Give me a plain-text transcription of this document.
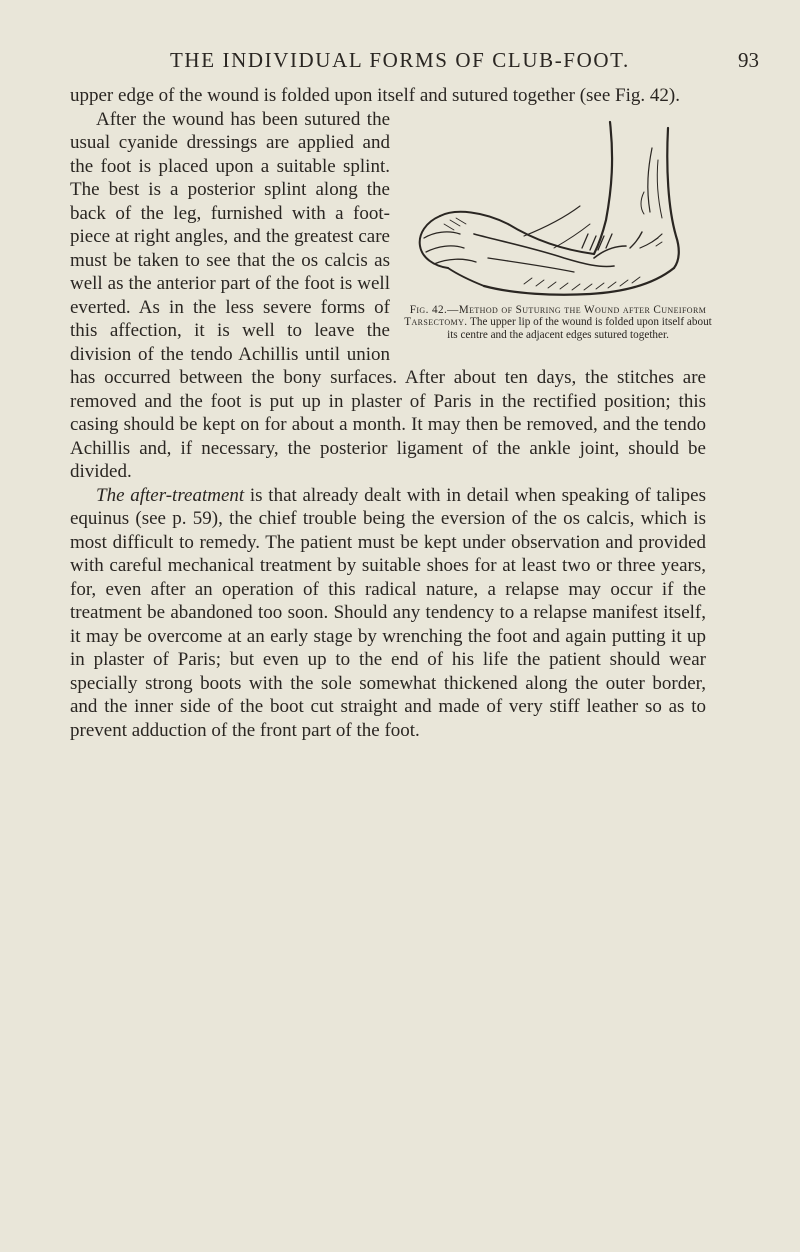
THE INDIVIDUAL FORMS OF CLUB-FOOT.	93

upper edge of the wound is folded upon itself and sutured together (see Fig. 42).

Fig. 42.—Method of Suturing the Wound after Cuneiform Tarsectomy. The upper lip of the wound is folded upon itself about its centre and the adjacent edges sutured together.

After the wound has been sutured the usual cyanide dressings are applied and the foot is placed upon a suitable splint. The best is a posterior splint along the back of the leg, furnished with a foot-piece at right angles, and the greatest care must be taken to see that the os calcis as well as the anterior part of the foot is well everted. As in the less severe forms of this affection, it is well to leave the division of the tendo Achillis until union has occurred between the bony surfaces. After about ten days, the stitches are removed and the foot is put up in plaster of Paris in the rectified position; this casing should be kept on for about a month. It may then be removed, and the tendo Achillis and, if necessary, the posterior ligament of the ankle joint, should be divided.

The after-treatment is that already dealt with in detail when speaking of talipes equinus (see p. 59), the chief trouble being the eversion of the os calcis, which is most difficult to remedy. The patient must be kept under observation and provided with careful mechanical treatment by suitable shoes for at least two or three years, for, even after an operation of this radical nature, a relapse may occur if the treatment be abandoned too soon. Should any tendency to a relapse manifest itself, it may be overcome at an early stage by wrenching the foot and again putting it up in plaster of Paris; but even up to the end of his life the patient should wear specially strong boots with the sole somewhat thickened along the outer border, and the inner side of the boot cut straight and made of very stiff leather so as to prevent adduction of the front part of the foot.
